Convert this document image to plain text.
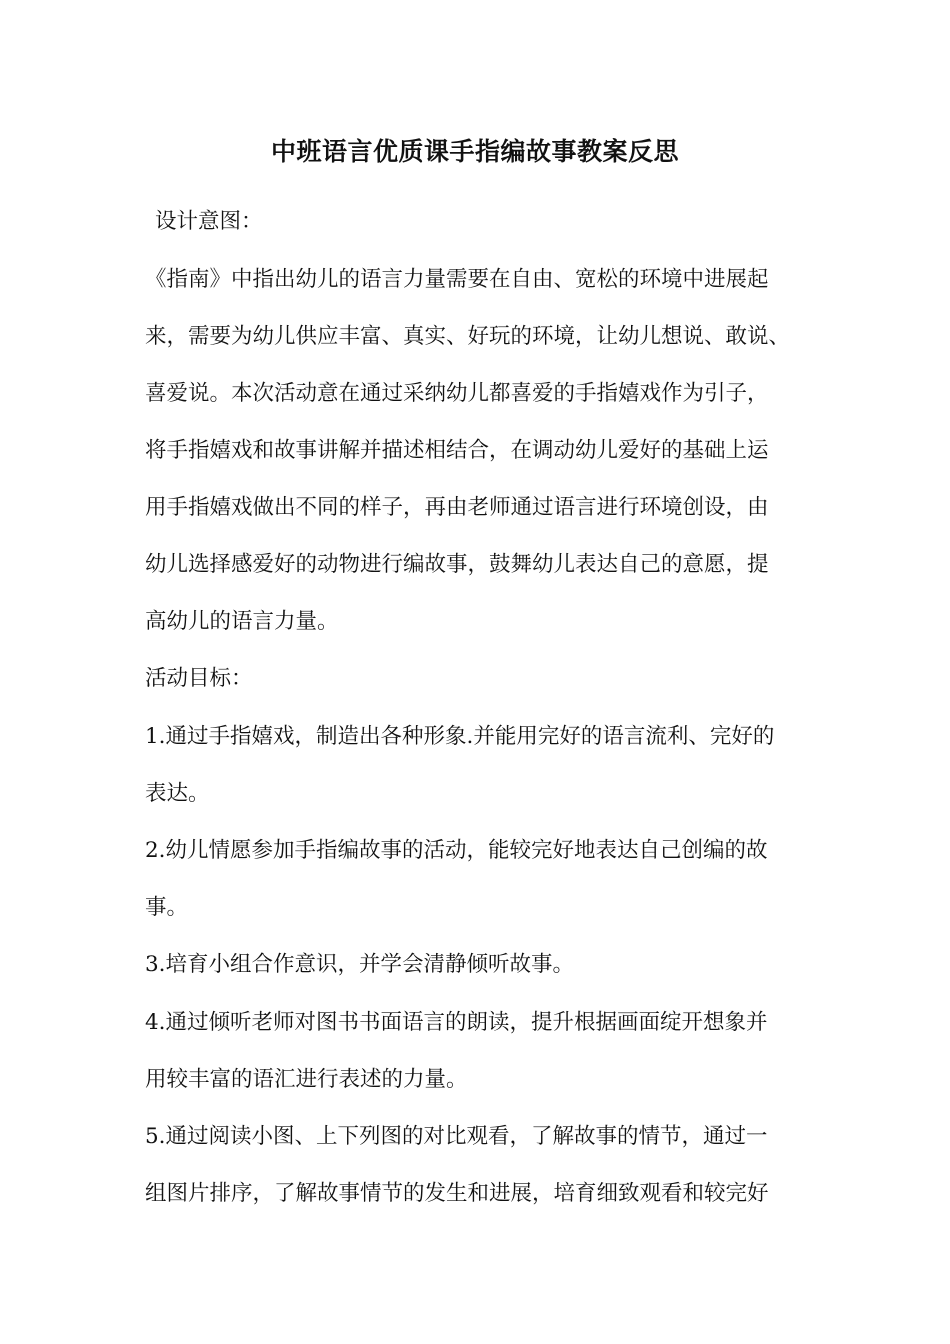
中班语言优质课手指编故事教案反思
设计意图：
《指南》中指出幼儿的语言力量需要在自由、宽松的环境中进展起
来，需要为幼儿供应丰富、真实、好玩的环境，让幼儿想说、敢说、
喜爱说。本次活动意在通过采纳幼儿都喜爱的手指嬉戏作为引子，
将手指嬉戏和故事讲解并描述相结合，在调动幼儿爱好的基础上运
用手指嬉戏做出不同的样子，再由老师通过语言进行环境创设，由
幼儿选择感爱好的动物进行编故事，鼓舞幼儿表达自己的意愿，提
高幼儿的语言力量。
活动目标：
1.通过手指嬉戏，制造出各种形象.并能用完好的语言流利、完好的
表达。
2.幼儿情愿参加手指编故事的活动，能较完好地表达自己创编的故
事。
3.培育小组合作意识，并学会清静倾听故事。
4.通过倾听老师对图书书面语言的朗读，提升根据画面绽开想象并
用较丰富的语汇进行表述的力量。
5.通过阅读小图、上下列图的对比观看，了解故事的情节，通过一
组图片排序，了解故事情节的发生和进展，培育细致观看和较完好
